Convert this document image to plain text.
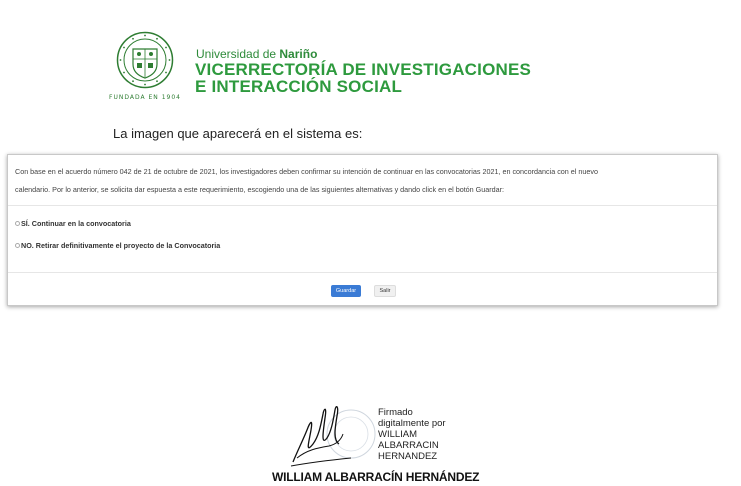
FUNDADA EN 1904
Universidad de Nariño
VICERRECTORÍA DE INVESTIGACIONES
E INTERACCIÓN SOCIAL
La imagen que aparecerá en el sistema es:
Con base en el acuerdo número 042 de 21 de octubre de 2021, los investigadores deben confirmar su intención de continuar en las convocatorias 2021, en concordancia con el nuevo
calendario. Por lo anterior, se solicita dar espuesta a este requerimiento, escogiendo una de las siguientes alternativas y dando click en el botón Guardar:
SÍ. Continuar en la convocatoria
NO. Retirar definitivamente el proyecto de la Convocatoria
Guardar	Salir
Firmado
digitalmente por
WILLIAM
ALBARRACIN
HERNANDEZ
WILLIAM ALBARRACÍN HERNÁNDEZ
